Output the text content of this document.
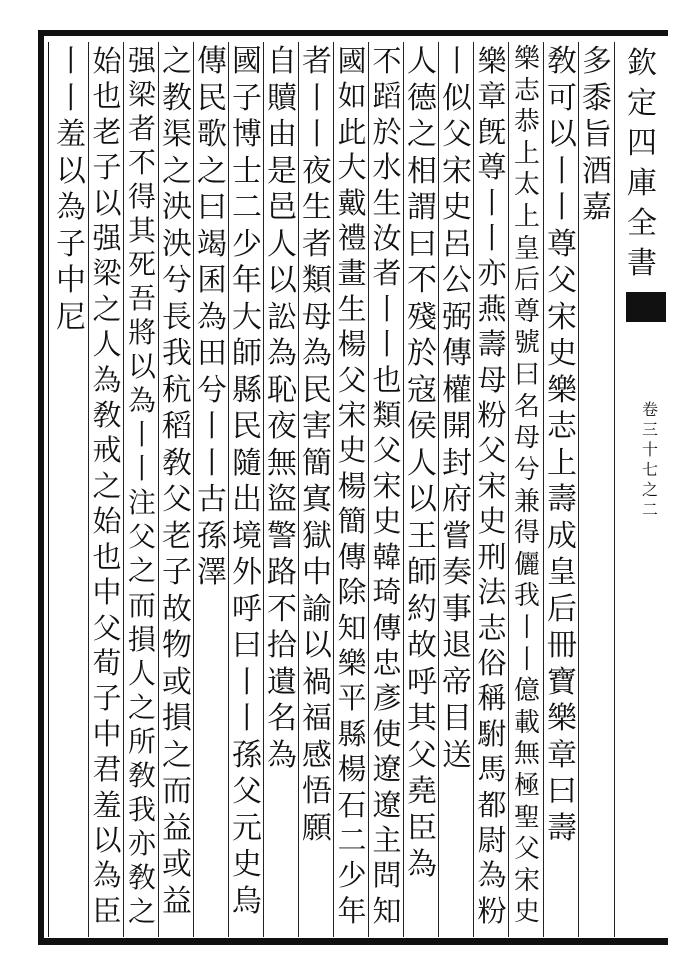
欽
定
四
庫
全
書
卷
三
十
七
之
二
多
黍
旨
酒
嘉
敎
可
以
丨
丨
尊
父
宋
史
樂
志
上
壽
成
皇
后
冊
寶
樂
章
曰
壽
樂
志
恭
上
太
上
皇
后
尊
號
曰
名
母
兮
兼
得
儷
我
丨
丨
億
載
無
極
聖
父
宋
史
樂
章
旣
尊
丨
丨
亦
燕
壽
母
粉
父
宋
史
刑
法
志
俗
稱
駙
馬
都
尉
為
粉
丨
似
父
宋
史
呂
公
弼
傳
權
開
封
府
嘗
奏
事
退
帝
目
送
人
德
之
相
謂
曰
不
殘
於
寇
侯
人
以
王
師
約
故
呼
其
父
堯
臣
為
不
蹈
於
水
生
汝
者
丨
丨
也
類
父
宋
史
韓
琦
傳
忠
彥
使
遼
遼
主
問
知
國
如
此
大
戴
禮
畫
生
楊
父
宋
史
楊
簡
傳
除
知
樂
平
縣
楊
石
二
少
年
者
丨
丨
夜
生
者
類
母
為
民
害
簡
寘
獄
中
諭
以
禍
福
感
悟
願
自
贖
由
是
邑
人
以
訟
為
恥
夜
無
盜
警
路
不
拾
遺
名
為
國
子
博
士
二
少
年
大
師
縣
民
隨
出
境
外
呼
曰
丨
丨
孫
父
元
史
烏
傳
民
歌
之
曰
竭
囷
為
田
兮
丨
丨
古
孫
澤
之
教
渠
之
泱
泱
兮
長
我
秔
稻
敎
父
老
子
故
物
或
損
之
而
益
或
益
强
梁
者
不
得
其
死
吾
將
以
為
丨
丨
注
父
之
而
損
人
之
所
敎
我
亦
敎
之
始
也
老
子
以
强
梁
之
人
為
敎
戒
之
始
也
中
父
荀
子
中
君
羞
以
為
臣
丨
丨
羞
以
為
子
中
尼
